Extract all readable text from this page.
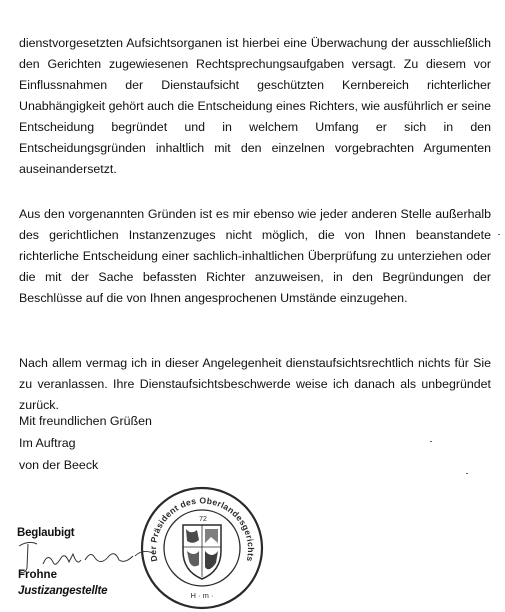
dienstvorgesetzten Aufsichtsorganen ist hierbei eine Überwachung der ausschließlich den Gerichten zugewiesenen Rechtsprechungsaufgaben versagt. Zu diesem vor Einflussnahmen der Dienstaufsicht geschützten Kernbereich richterlicher Unabhängigkeit gehört auch die Entscheidung eines Richters, wie ausführlich er seine Entscheidung begründet und in welchem Umfang er sich in den Entscheidungsgründen inhaltlich mit den einzelnen vorgebrachten Argumenten auseinandersetzt.

Aus den vorgenannten Gründen ist es mir ebenso wie jeder anderen Stelle außerhalb des gerichtlichen Instanzenzuges nicht möglich, die von Ihnen beanstandete richterliche Entscheidung einer sachlich-inhaltlichen Überprüfung zu unterziehen oder die mit der Sache befassten Richter anzuweisen, in den Begründungen der Beschlüsse auf die von Ihnen angesprochenen Umstände einzugehen.

Nach allem vermag ich in dieser Angelegenheit dienstaufsichtsrechtlich nichts für Sie zu veranlassen. Ihre Dienstaufsichtsbeschwerde weise ich danach als unbegründet zurück.

Mit freundlichen Grüßen
Im Auftrag
von der Beeck
Der Präsident des Oberlandesgerichts
72
H · m ·
Beglaubigt
Frohne
Justizangestellte
